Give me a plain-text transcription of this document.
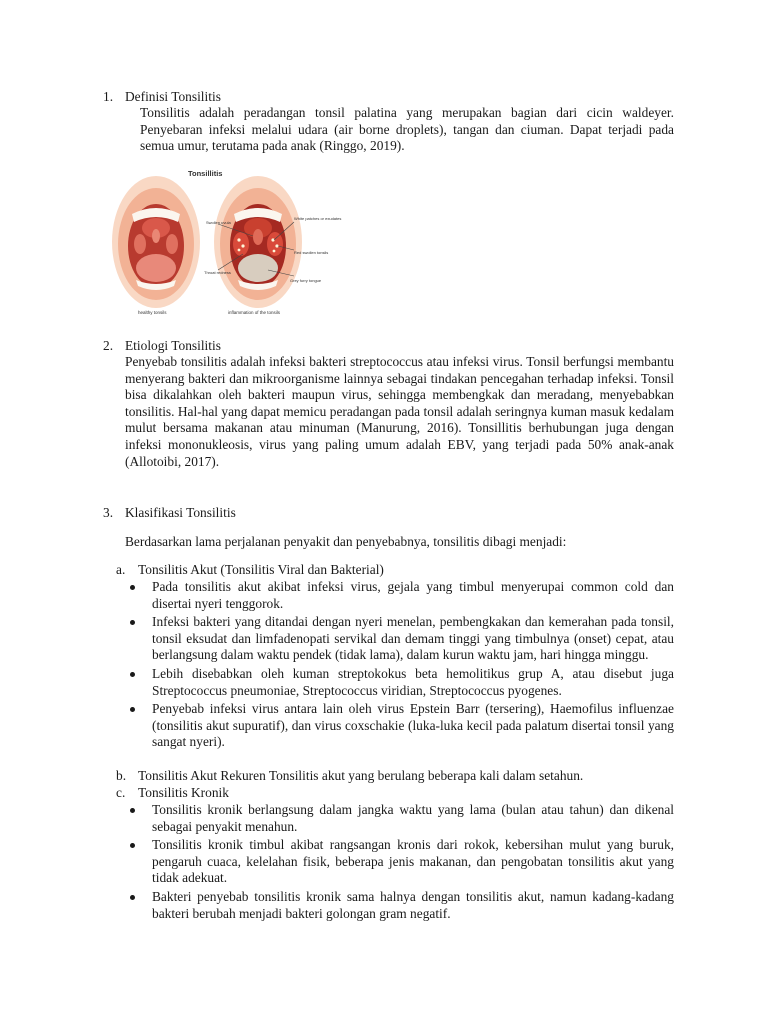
1. Definisi Tonsilitis
Tonsilitis adalah peradangan tonsil palatina yang merupakan bagian dari cicin waldeyer. Penyebaran infeksi melalui udara (air borne droplets), tangan dan ciuman. Dapat terjadi pada semua umur, terutama pada anak (Ringgo, 2019).
Tonsillitis
Swollen uvula
Throat redness
White patches or exudates
Red swollen tonsils
Grey furry tongue
healthy tonsils	inflammation of the tonsils
2. Etiologi Tonsilitis
Penyebab tonsilitis adalah infeksi bakteri streptococcus atau infeksi virus. Tonsil berfungsi membantu menyerang bakteri dan mikroorganisme lainnya sebagai tindakan pencegahan terhadap infeksi. Tonsil bisa dikalahkan oleh bakteri maupun virus, sehingga membengkak dan meradang, menyebabkan tonsilitis. Hal-hal yang dapat memicu peradangan pada tonsil adalah seringnya kuman masuk kedalam mulut bersama makanan atau minuman (Manurung, 2016). Tonsillitis berhubungan juga dengan infeksi mononukleosis, virus yang paling umum adalah EBV, yang terjadi pada 50% anak-anak (Allotoibi, 2017).
3. Klasifikasi Tonsilitis
Berdasarkan lama perjalanan penyakit dan penyebabnya, tonsilitis dibagi menjadi:
a. Tonsilitis Akut (Tonsilitis Viral dan Bakterial)
Pada tonsilitis akut akibat infeksi virus, gejala yang timbul menyerupai common cold dan disertai nyeri tenggorok.
Infeksi bakteri yang ditandai dengan nyeri menelan, pembengkakan dan kemerahan pada tonsil, tonsil eksudat dan limfadenopati servikal dan demam tinggi yang timbulnya (onset) cepat, atau berlangsung dalam waktu pendek (tidak lama), dalam kurun waktu jam, hari hingga minggu.
Lebih disebabkan oleh kuman streptokokus beta hemolitikus grup A, atau disebut juga Streptococcus pneumoniae, Streptococcus viridian, Streptococcus pyogenes.
Penyebab infeksi virus antara lain oleh virus Epstein Barr (tersering), Haemofilus influenzae (tonsilitis akut supuratif), dan virus coxschakie (luka-luka kecil pada palatum disertai tonsil yang sangat nyeri).
b. Tonsilitis Akut Rekuren Tonsilitis akut yang berulang beberapa kali dalam setahun.
c. Tonsilitis Kronik
Tonsilitis kronik berlangsung dalam jangka waktu yang lama (bulan atau tahun) dan dikenal sebagai penyakit menahun.
Tonsilitis kronik timbul akibat rangsangan kronis dari rokok, kebersihan mulut yang buruk, pengaruh cuaca, kelelahan fisik, beberapa jenis makanan, dan pengobatan tonsilitis akut yang tidak adekuat.
Bakteri penyebab tonsilitis kronik sama halnya dengan tonsilitis akut, namun kadang-kadang bakteri berubah menjadi bakteri golongan gram negatif.
